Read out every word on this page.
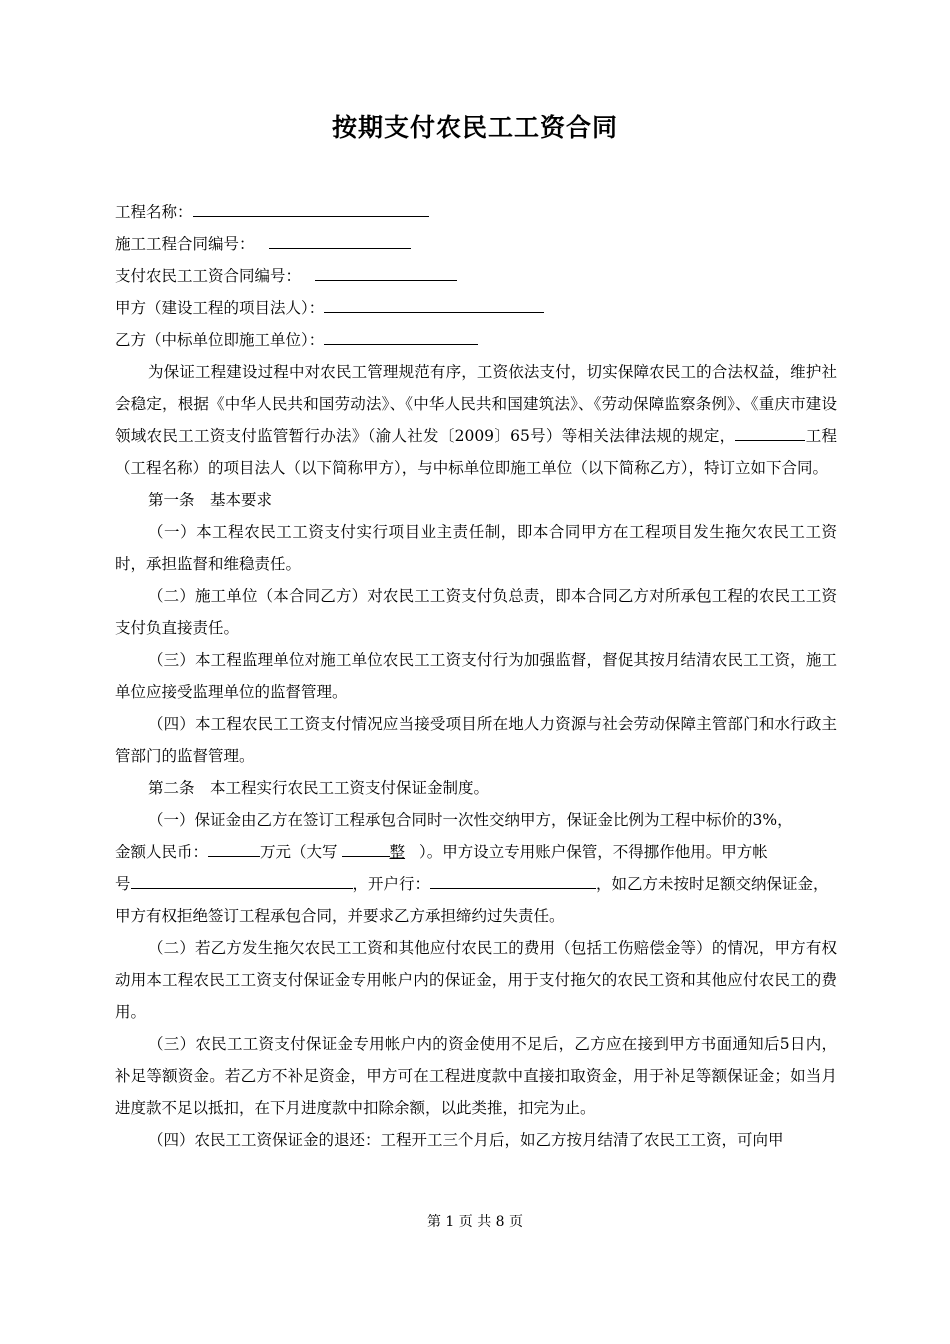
按期支付农民工工资合同
工程名称：
施工工程合同编号：
支付农民工工资合同编号：
甲方（建设工程的项目法人）：
乙方（中标单位即施工单位）：
为保证工程建设过程中对农民工管理规范有序，工资依法支付，切实保障农民工的合法权益，维护社会稳定，根据《中华人民共和国劳动法》、《中华人民共和国建筑法》、《劳动保障监察条例》、《重庆市建设领域农民工工资支付监管暂行办法》（渝人社发〔2009〕65号）等相关法律法规的规定，	工程（工程名称）的项目法人（以下简称甲方），与中标单位即施工单位（以下简称乙方），特订立如下合同。
第一条　基本要求
（一）本工程农民工工资支付实行项目业主责任制，即本合同甲方在工程项目发生拖欠农民工工资时，承担监督和维稳责任。
（二）施工单位（本合同乙方）对农民工工资支付负总责，即本合同乙方对所承包工程的农民工工资支付负直接责任。
（三）本工程监理单位对施工单位农民工工资支付行为加强监督，督促其按月结清农民工工资，施工单位应接受监理单位的监督管理。
（四）本工程农民工工资支付情况应当接受项目所在地人力资源与社会劳动保障主管部门和水行政主管部门的监督管理。
第二条　本工程实行农民工工资支付保证金制度。
（一）保证金由乙方在签订工程承包合同时一次性交纳甲方，保证金比例为工程中标价的3%，
金额人民币：	万元（大写	整 ）。甲方设立专用账户保管，不得挪作他用。甲方帐
号	，开户行：	，如乙方未按时足额交纳保证金，
甲方有权拒绝签订工程承包合同，并要求乙方承担缔约过失责任。
（二）若乙方发生拖欠农民工工资和其他应付农民工的费用（包括工伤赔偿金等）的情况，甲方有权动用本工程农民工工资支付保证金专用帐户内的保证金，用于支付拖欠的农民工资和其他应付农民工的费用。
（三）农民工工资支付保证金专用帐户内的资金使用不足后，乙方应在接到甲方书面通知后5日内，补足等额资金。若乙方不补足资金，甲方可在工程进度款中直接扣取资金，用于补足等额保证金；如当月进度款不足以抵扣，在下月进度款中扣除余额，以此类推，扣完为止。
（四）农民工工资保证金的退还：工程开工三个月后，如乙方按月结清了农民工工资，可向甲
第 1 页 共 8 页
